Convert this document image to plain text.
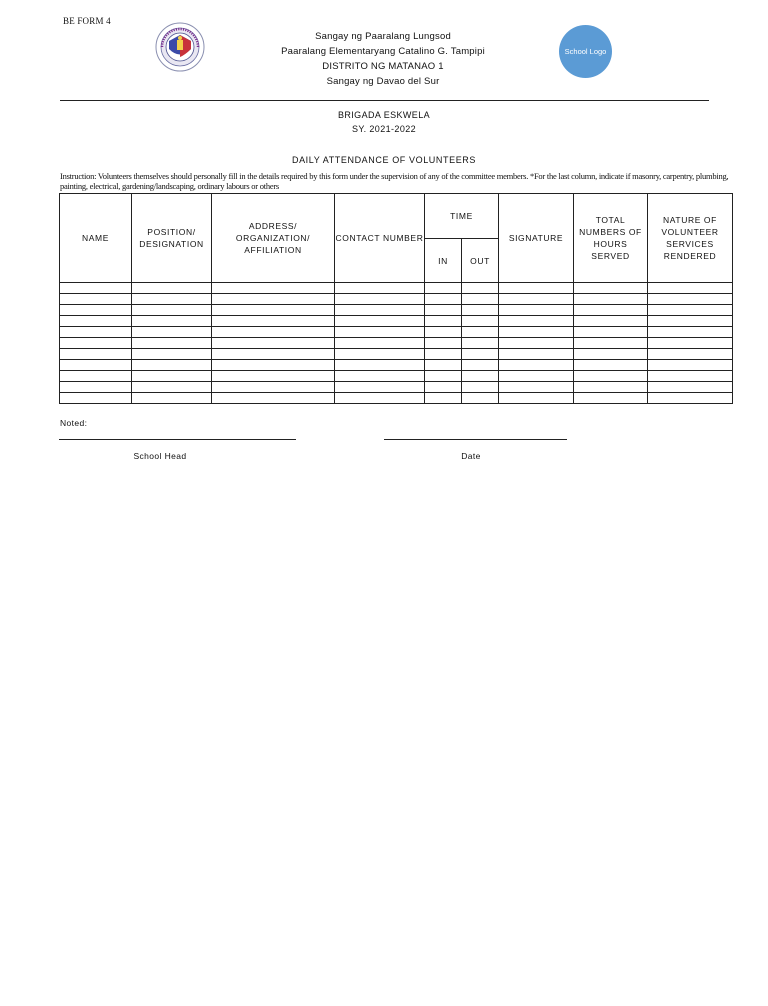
BE FORM 4
Sangay ng Paaralang Lungsod
Paaralang Elementaryang Catalino G. Tampipi
DISTRITO NG MATANAO 1
Sangay ng Davao del Sur
School Logo
BRIGADA ESKWELA
SY. 2021-2022
DAILY ATTENDANCE OF VOLUNTEERS
Instruction: Volunteers themselves should personally fill in the details required by this form under the supervision of any of the committee members. *For the last column, indicate if masonry, carpentry, plumbing, painting, electrical, gardening/landscaping, ordinary labours or others
NAME	POSITION/ DESIGNATION	ADDRESS/ ORGANIZATION/ AFFILIATION	CONTACT NUMBER	TIME		SIGNATURE	TOTAL NUMBERS OF HOURS SERVED	NATURE OF VOLUNTEER SERVICES RENDERED
				IN	OUT			

Noted:
School Head	Date
